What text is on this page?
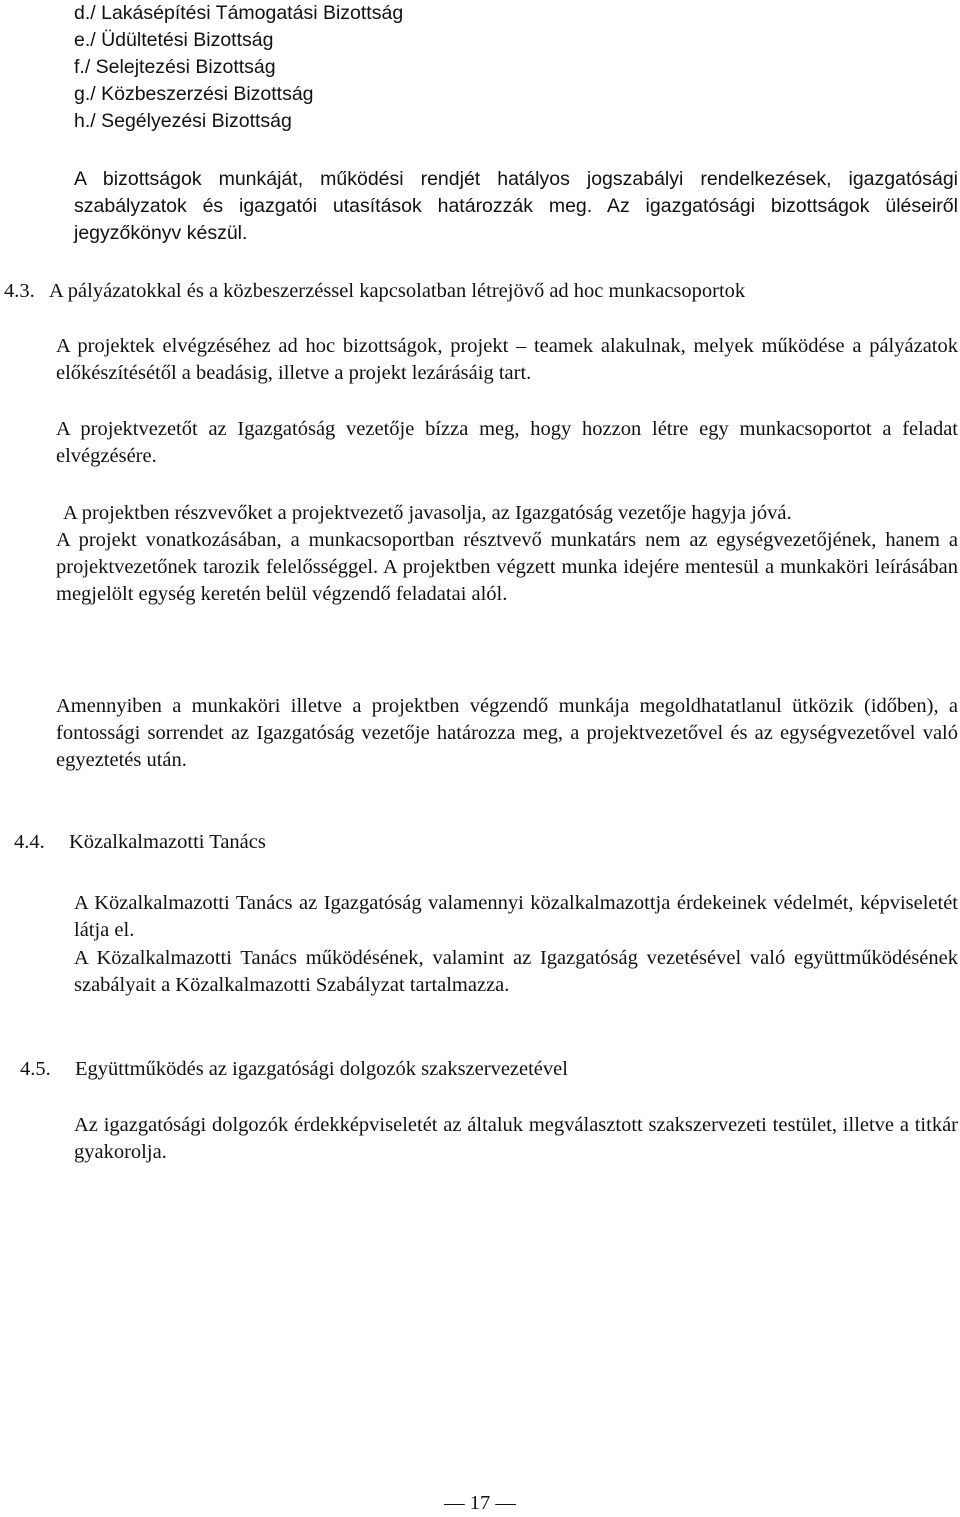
d./ Lakásépítési Támogatási Bizottság
e./ Üdültetési Bizottság
f./ Selejtezési Bizottság
g./ Közbeszerzési Bizottság
h./ Segélyezési Bizottság
A bizottságok munkáját, működési rendjét hatályos jogszabályi rendelkezések, igazgatósági szabályzatok és igazgatói utasítások határozzák meg. Az igazgatósági bizottságok üléseiről jegyzőkönyv készül.
4.3. A pályázatokkal és a közbeszerzéssel kapcsolatban létrejövő ad hoc munkacsoportok
A projektek elvégzéséhez ad hoc bizottságok, projekt – teamek alakulnak, melyek működése a pályázatok előkészítésétől a beadásig, illetve a projekt lezárásáig tart.
A projektvezetőt az Igazgatóság vezetője bízza meg, hogy hozzon létre egy munkacsoportot a feladat elvégzésére.
A projektben részvevőket a projektvezető javasolja, az Igazgatóság vezetője hagyja jóvá.
A projekt vonatkozásában, a munkacsoportban résztvevő munkatárs nem az egységvezetőjének, hanem a projektvezetőnek tarozik felelősséggel. A projektben végzett munka idejére mentesül a munkaköri leírásában megjelölt egység keretén belül végzendő feladatai alól.
Amennyiben a munkaköri illetve a projektben végzendő munkája megoldhatatlanul ütközik (időben), a fontossági sorrendet az Igazgatóság vezetője határozza meg, a projektvezetővel és az egységvezetővel való egyeztetés után.
4.4. Közalkalmazotti Tanács
A Közalkalmazotti Tanács az Igazgatóság valamennyi közalkalmazottja érdekeinek védelmét, képviseletét látja el.
A Közalkalmazotti Tanács működésének, valamint az Igazgatóság vezetésével való együttműködésének szabályait a Közalkalmazotti Szabályzat tartalmazza.
4.5. Együttműködés az igazgatósági dolgozók szakszervezetével
Az igazgatósági dolgozók érdekképviseletét az általuk megválasztott szakszervezeti testület, illetve a titkár gyakorolja.
— 17 —
